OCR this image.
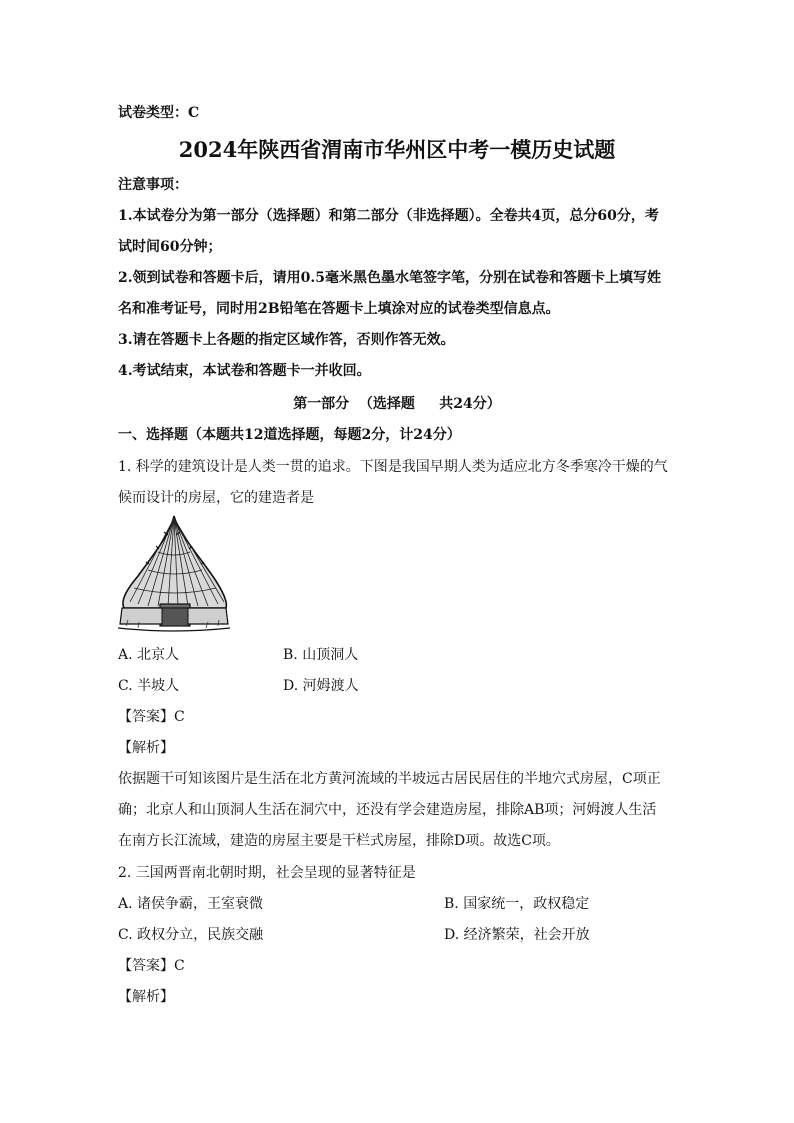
试卷类型：C
2024年陕西省渭南市华州区中考一模历史试题
注意事项：
1.本试卷分为第一部分（选择题）和第二部分（非选择题）。全卷共4页，总分60分，考
试时间60分钟；
2.领到试卷和答题卡后，请用0.5毫米黑色墨水笔签字笔，分别在试卷和答题卡上填写姓
名和准考证号，同时用2B铅笔在答题卡上填涂对应的试卷类型信息点。
3.请在答题卡上各题的指定区域作答，否则作答无效。
4.考试结束，本试卷和答题卡一并收回。
第一部分  （选择题     共24分）
一、选择题（本题共12道选择题，每题2分，计24分）
1. 科学的建筑设计是人类一贯的追求。下图是我国早期人类为适应北方冬季寒冷干燥的气
候而设计的房屋，它的建造者是
A. 北京人	B. 山顶洞人
C. 半坡人	D. 河姆渡人
【答案】C
【解析】
依据题干可知该图片是生活在北方黄河流域的半坡远古居民居住的半地穴式房屋，C项正
确；北京人和山顶洞人生活在洞穴中，还没有学会建造房屋，排除AB项；河姆渡人生活
在南方长江流域，建造的房屋主要是干栏式房屋，排除D项。故选C项。
2. 三国两晋南北朝时期，社会呈现的显著特征是
A. 诸侯争霸，王室衰微	B. 国家统一，政权稳定
C. 政权分立，民族交融	D. 经济繁荣，社会开放
【答案】C
【解析】
